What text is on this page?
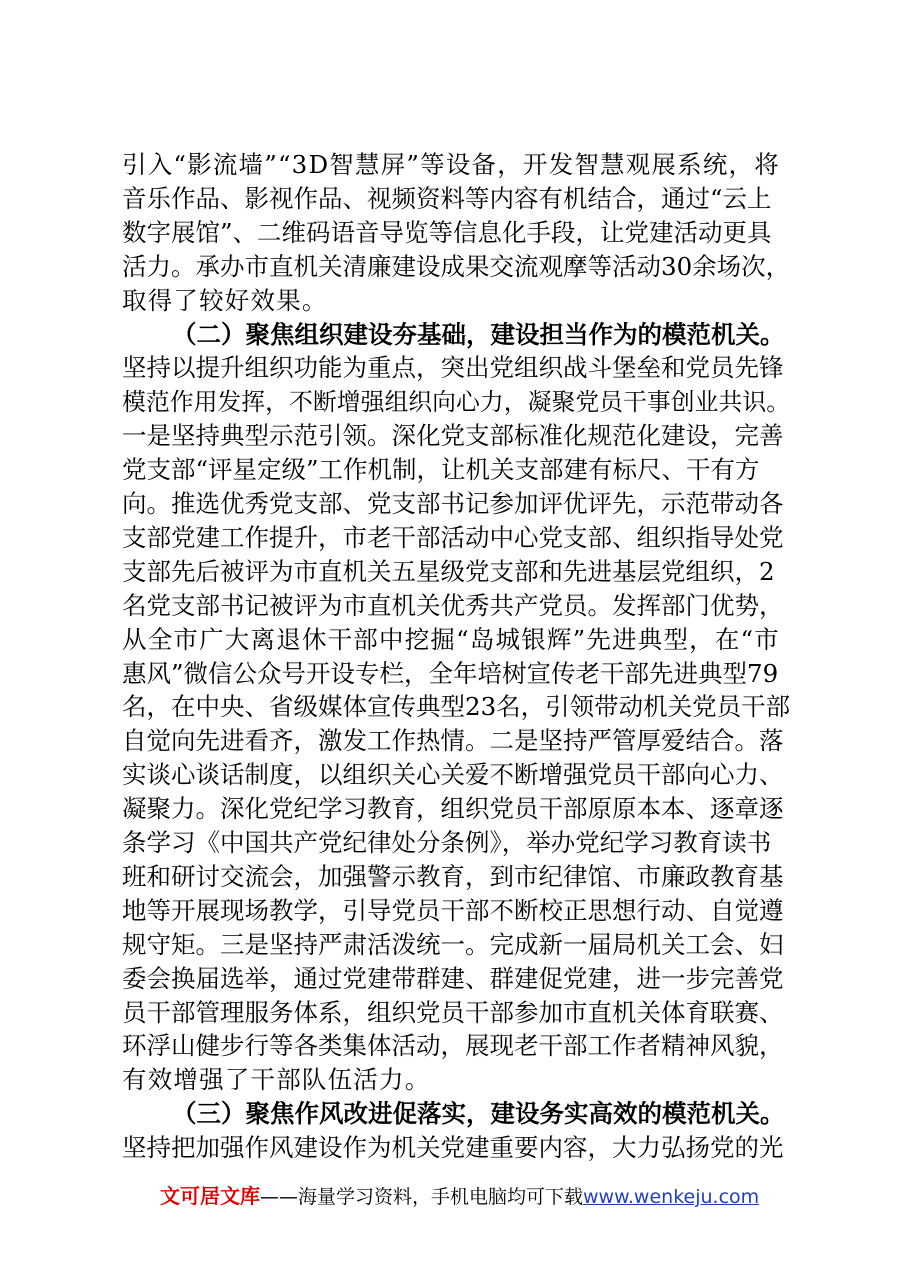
引入“影流墙”“3D智慧屏”等设备，开发智慧观展系统，将
音乐作品、影视作品、视频资料等内容有机结合，通过“云上
数字展馆”、二维码语音导览等信息化手段，让党建活动更具
活力。承办市直机关清廉建设成果交流观摩等活动30余场次，
取得了较好效果。
（二）聚焦组织建设夯基础，建设担当作为的模范机关。
坚持以提升组织功能为重点，突出党组织战斗堡垒和党员先锋
模范作用发挥，不断增强组织向心力，凝聚党员干事创业共识。
一是坚持典型示范引领。深化党支部标准化规范化建设，完善
党支部“评星定级”工作机制，让机关支部建有标尺、干有方
向。推选优秀党支部、党支部书记参加评优评先，示范带动各
支部党建工作提升，市老干部活动中心党支部、组织指导处党
支部先后被评为市直机关五星级党支部和先进基层党组织，2
名党支部书记被评为市直机关优秀共产党员。发挥部门优势，
从全市广大离退休干部中挖掘“岛城银辉”先进典型，在“市
惠风”微信公众号开设专栏，全年培树宣传老干部先进典型79
名，在中央、省级媒体宣传典型23名，引领带动机关党员干部
自觉向先进看齐，激发工作热情。二是坚持严管厚爱结合。落
实谈心谈话制度，以组织关心关爱不断增强党员干部向心力、
凝聚力。深化党纪学习教育，组织党员干部原原本本、逐章逐
条学习《中国共产党纪律处分条例》，举办党纪学习教育读书
班和研讨交流会，加强警示教育，到市纪律馆、市廉政教育基
地等开展现场教学，引导党员干部不断校正思想行动、自觉遵
规守矩。三是坚持严肃活泼统一。完成新一届局机关工会、妇
委会换届选举，通过党建带群建、群建促党建，进一步完善党
员干部管理服务体系，组织党员干部参加市直机关体育联赛、
环浮山健步行等各类集体活动，展现老干部工作者精神风貌，
有效增强了干部队伍活力。
（三）聚焦作风改进促落实，建设务实高效的模范机关。
坚持把加强作风建设作为机关党建重要内容，大力弘扬党的光
文可居文库——海量学习资料，手机电脑均可下载www.wenkeju.com
